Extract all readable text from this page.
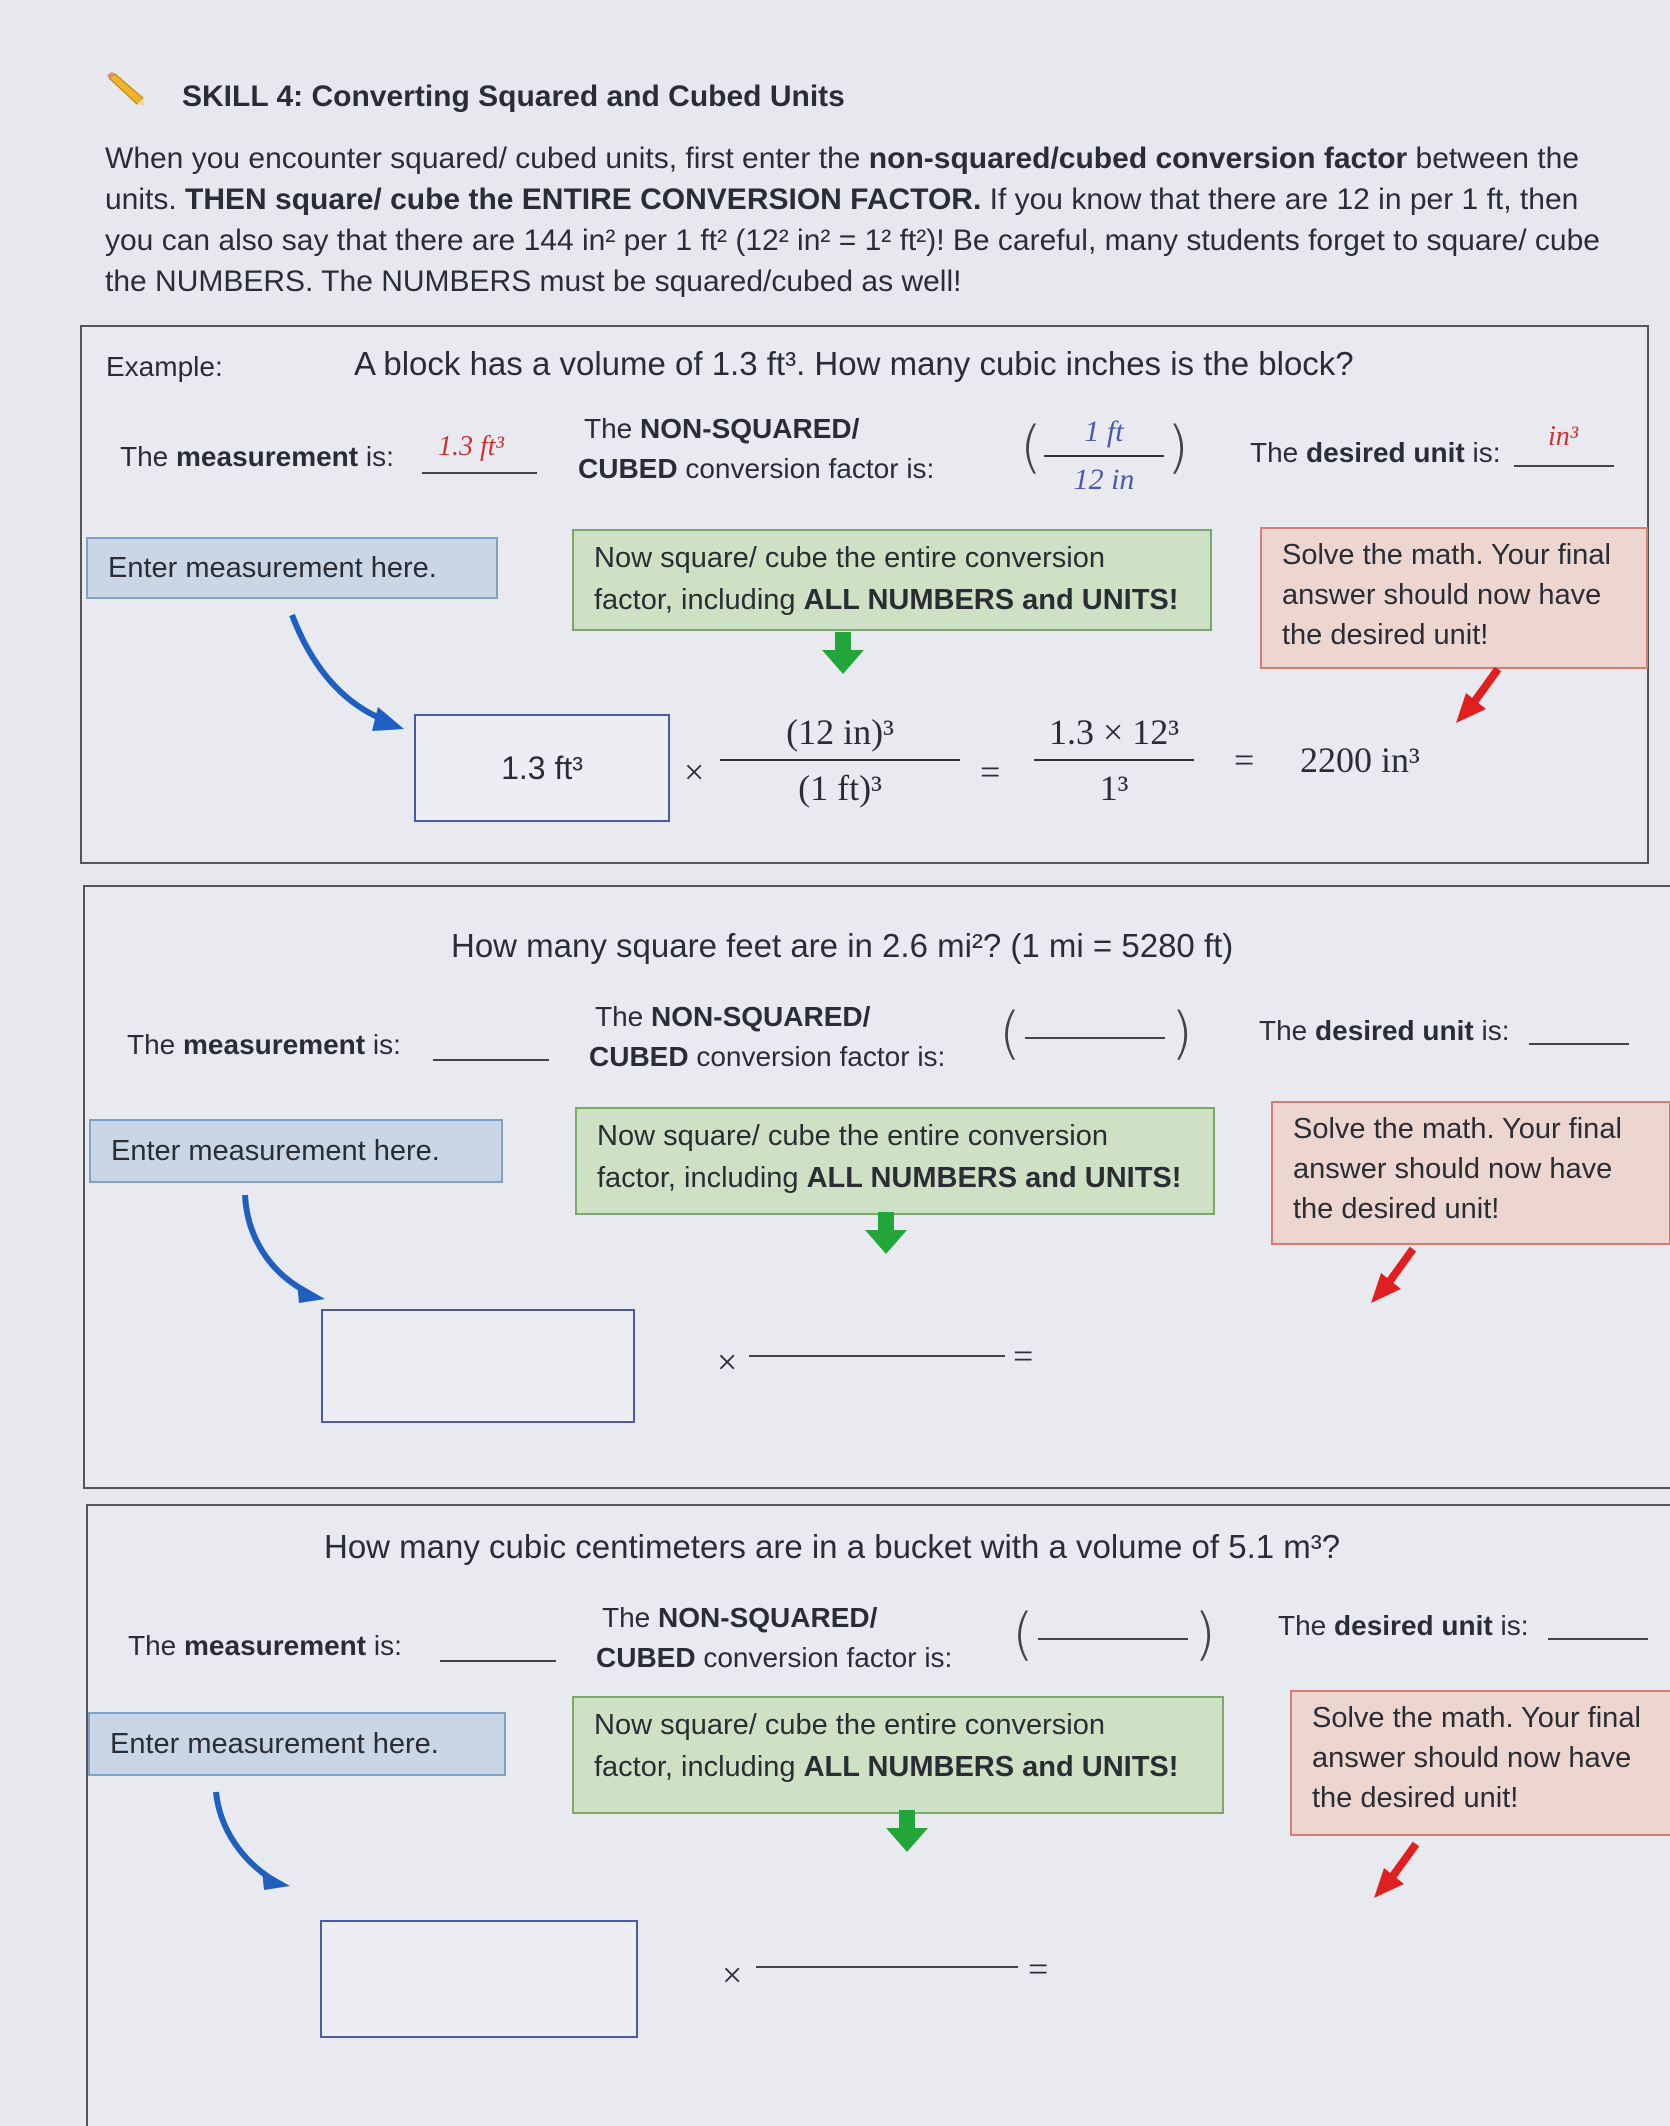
SKILL 4: Converting Squared and Cubed Units
When you encounter squared/ cubed units, first enter the non-squared/cubed conversion factor between the units. THEN square/ cube the ENTIRE CONVERSION FACTOR. If you know that there are 12 in per 1 ft, then you can also say that there are 144 in² per 1 ft² (12² in² = 1² ft²)! Be careful, many students forget to square/ cube the NUMBERS. The NUMBERS must be squared/cubed as well!
Example:	A block has a volume of 1.3 ft³. How many cubic inches is the block?
The measurement is: 1.3 ft³
The NON-SQUARED/
CUBED conversion factor is: (	1 ft
12 in ) The desired unit is:
in³
Enter measurement here.	Now square/ cube the entire conversion
factor, including ALL NUMBERS and UNITS!
Solve the math. Your final
answer should now have
the desired unit!
1.3 ft³	×
(12 in)³
(1 ft)³	=
1.3 × 12³
1³
= 2200 in³
How many square feet are in 2.6 mi²? (1 mi = 5280 ft)
The measurement is:
The NON-SQUARED/
CUBED conversion factor is: (	) The desired unit is:
Enter measurement here.	Now square/ cube the entire conversion
factor, including ALL NUMBERS and UNITS!
Solve the math. Your final
answer should now have
the desired unit!
×	=
How many cubic centimeters are in a bucket with a volume of 5.1 m³?
The measurement is:
The NON-SQUARED/
CUBED conversion factor is: (	) The desired unit is:
Enter measurement here.
Now square/ cube the entire conversion
factor, including ALL NUMBERS and UNITS!
Solve the math. Your final
answer should now have
the desired unit!
×	=
